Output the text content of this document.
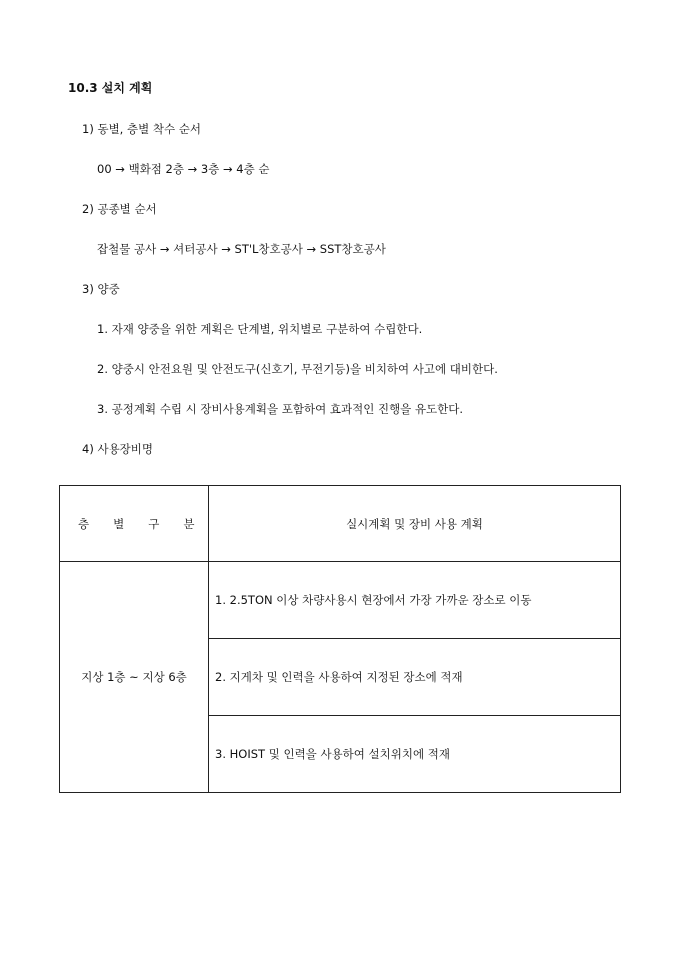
10.3 설치 계획
1) 동별, 층별 착수 순서
00 → 백화점 2층 → 3층 → 4층 순
2) 공종별 순서
잡철물 공사 → 셔터공사 → ST'L창호공사 → SST창호공사
3) 양중
1. 자재 양중을 위한 계획은 단계별, 위치별로 구분하여 수립한다.
2. 양중시 안전요원 및 안전도구(신호기, 무전기등)을 비치하여 사고에 대비한다.
3. 공정계획 수립 시 장비사용계획을 포함하여 효과적인 진행을 유도한다.
4) 사용장비명
층 별 구 분	실시계획 및 장비 사용 계획
지상 1층 ~ 지상 6층	1. 2.5TON 이상 차량사용시 현장에서 가장 가까운 장소로 이동
	2. 지게차 및 인력을 사용하여 지정된 장소에 적재
	3. HOIST 및 인력을 사용하여 설치위치에 적재
